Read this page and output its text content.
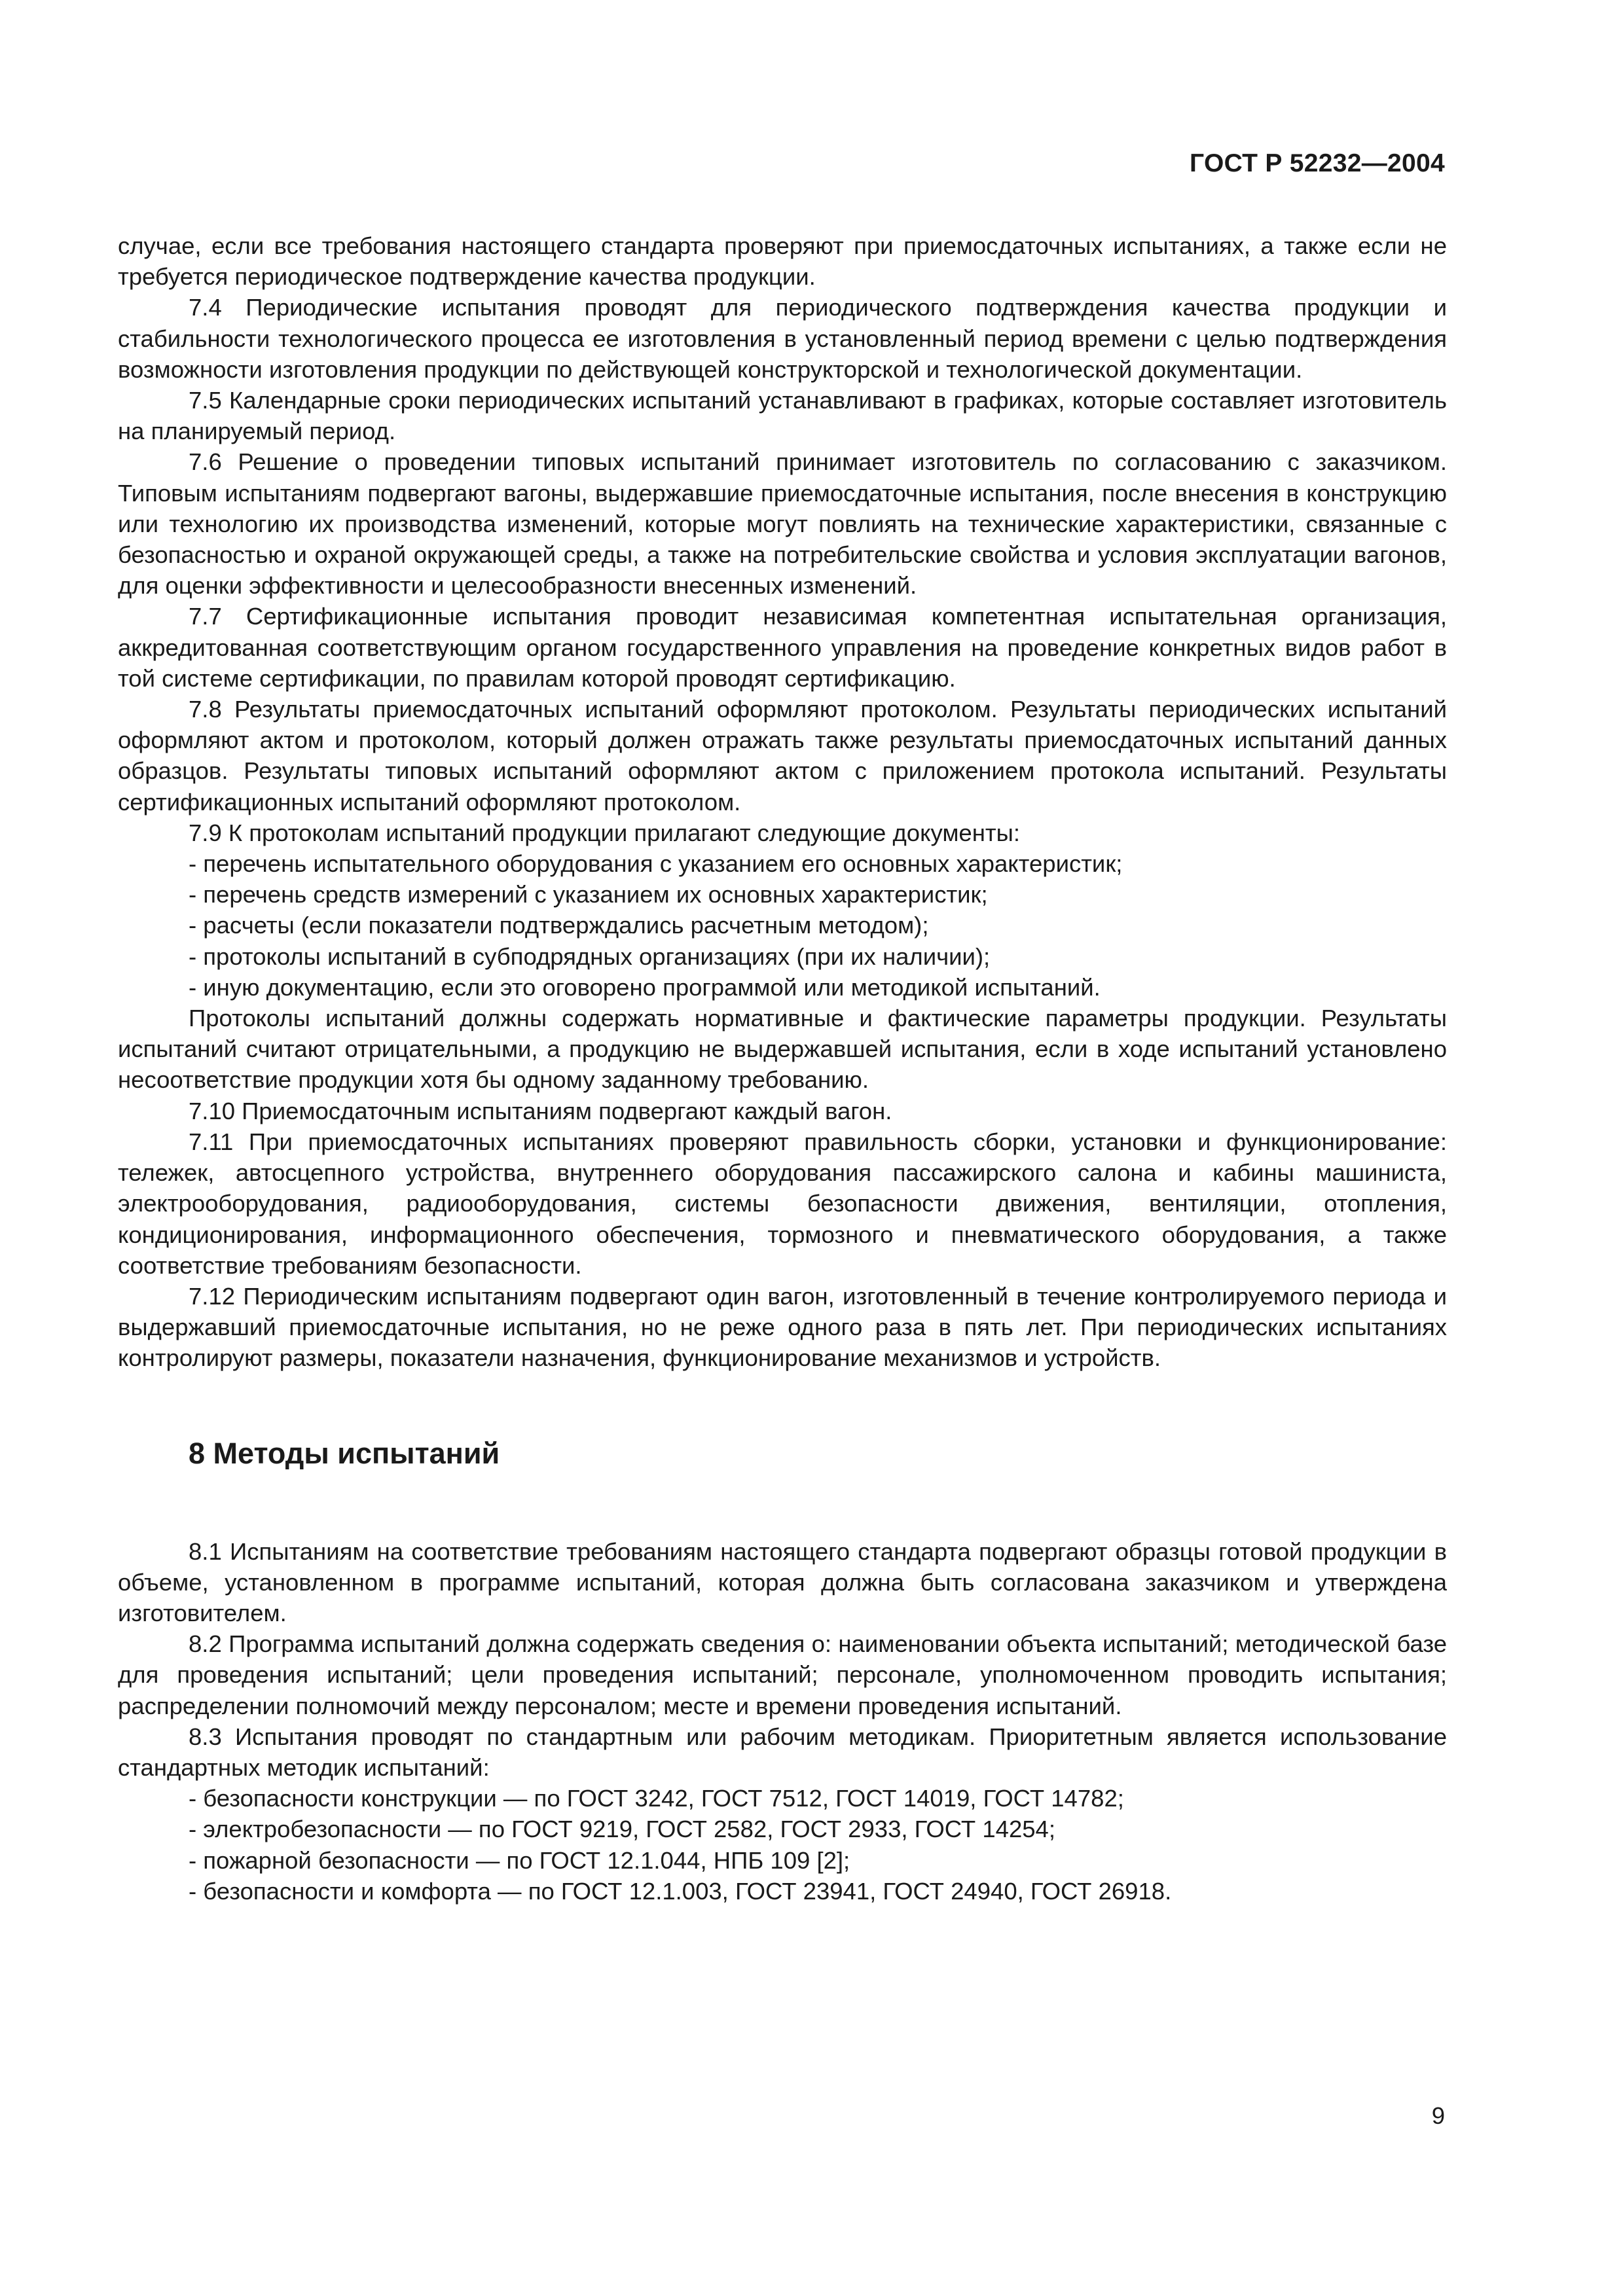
ГОСТ Р 52232—2004

случае, если все требования настоящего стандарта проверяют при приемосдаточных испытаниях, а также если не требуется периодическое подтверждение качества продукции.

7.4 Периодические испытания проводят для периодического подтверждения качества продукции и стабильности технологического процесса ее изготовления в установленный период времени с целью подтверждения возможности изготовления продукции по действующей конструкторской и технологической документации.

7.5 Календарные сроки периодических испытаний устанавливают в графиках, которые составляет изготовитель на планируемый период.

7.6 Решение о проведении типовых испытаний принимает изготовитель по согласованию с заказчиком. Типовым испытаниям подвергают вагоны, выдержавшие приемосдаточные испытания, после внесения в конструкцию или технологию их производства изменений, которые могут повлиять на технические характеристики, связанные с безопасностью и охраной окружающей среды, а также на потребительские свойства и условия эксплуатации вагонов, для оценки эффективности и целесообразности внесенных изменений.

7.7 Сертификационные испытания проводит независимая компетентная испытательная организация, аккредитованная соответствующим органом государственного управления на проведение конкретных видов работ в той системе сертификации, по правилам которой проводят сертификацию.

7.8 Результаты приемосдаточных испытаний оформляют протоколом. Результаты периодических испытаний оформляют актом и протоколом, который должен отражать также результаты приемосдаточных испытаний данных образцов. Результаты типовых испытаний оформляют актом с приложением протокола испытаний. Результаты сертификационных испытаний оформляют протоколом.

7.9 К протоколам испытаний продукции прилагают следующие документы:

- перечень испытательного оборудования с указанием его основных характеристик;
- перечень средств измерений с указанием их основных характеристик;
- расчеты (если показатели подтверждались расчетным методом);
- протоколы испытаний в субподрядных организациях (при их наличии);
- иную документацию, если это оговорено программой или методикой испытаний.

Протоколы испытаний должны содержать нормативные и фактические параметры продукции. Результаты испытаний считают отрицательными, а продукцию не выдержавшей испытания, если в ходе испытаний установлено несоответствие продукции хотя бы одному заданному требованию.

7.10 Приемосдаточным испытаниям подвергают каждый вагон.

7.11 При приемосдаточных испытаниях проверяют правильность сборки, установки и функционирование: тележек, автосцепного устройства, внутреннего оборудования пассажирского салона и кабины машиниста, электрооборудования, радиооборудования, системы безопасности движения, вентиляции, отопления, кондиционирования, информационного обеспечения, тормозного и пневматического оборудования, а также соответствие требованиям безопасности.

7.12 Периодическим испытаниям подвергают один вагон, изготовленный в течение контролируемого периода и выдержавший приемосдаточные испытания, но не реже одного раза в пять лет. При периодических испытаниях контролируют размеры, показатели назначения, функционирование механизмов и устройств.

8 Методы испытаний

8.1 Испытаниям на соответствие требованиям настоящего стандарта подвергают образцы готовой продукции в объеме, установленном в программе испытаний, которая должна быть согласована заказчиком и утверждена изготовителем.

8.2 Программа испытаний должна содержать сведения о: наименовании объекта испытаний; методической базе для проведения испытаний; цели проведения испытаний; персонале, уполномоченном проводить испытания; распределении полномочий между персоналом; месте и времени проведения испытаний.

8.3 Испытания проводят по стандартным или рабочим методикам. Приоритетным является использование стандартных методик испытаний:

- безопасности конструкции — по ГОСТ 3242, ГОСТ 7512, ГОСТ 14019, ГОСТ 14782;
- электробезопасности — по ГОСТ 9219, ГОСТ 2582, ГОСТ 2933, ГОСТ 14254;
- пожарной безопасности — по ГОСТ 12.1.044, НПБ 109 [2];
- безопасности и комфорта — по ГОСТ 12.1.003, ГОСТ 23941, ГОСТ 24940, ГОСТ 26918.

9
